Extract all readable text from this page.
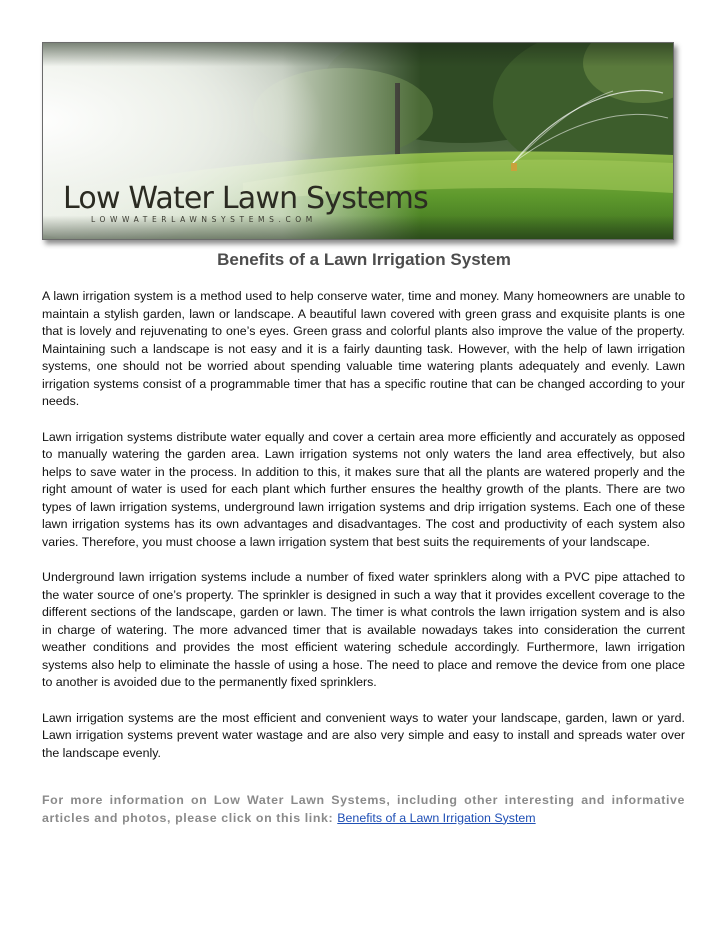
Low Water Lawn Systems
LOWWATERLAWNSYSTEMS.COM
Benefits of a Lawn Irrigation System

A lawn irrigation system is a method used to help conserve water, time and money. Many homeowners are unable to maintain a stylish garden, lawn or landscape. A beautiful lawn covered with green grass and exquisite plants is one that is lovely and rejuvenating to one’s eyes. Green grass and colorful plants also improve the value of the property. Maintaining such a landscape is not easy and it is a fairly daunting task. However, with the help of lawn irrigation systems, one should not be worried about spending valuable time watering plants adequately and evenly. Lawn irrigation systems consist of a programmable timer that has a specific routine that can be changed according to your needs.

Lawn irrigation systems distribute water equally and cover a certain area more efficiently and accurately as opposed to manually watering the garden area. Lawn irrigation systems not only waters the land area effectively, but also helps to save water in the process. In addition to this, it makes sure that all the plants are watered properly and the right amount of water is used for each plant which further ensures the healthy growth of the plants. There are two types of lawn irrigation systems, underground lawn irrigation systems and drip irrigation systems. Each one of these lawn irrigation systems has its own advantages and disadvantages. The cost and productivity of each system also varies. Therefore, you must choose a lawn irrigation system that best suits the requirements of your landscape.

Underground lawn irrigation systems include a number of fixed water sprinklers along with a PVC pipe attached to the water source of one’s property. The sprinkler is designed in such a way that it provides excellent coverage to the different sections of the landscape, garden or lawn. The timer is what controls the lawn irrigation system and is also in charge of watering. The more advanced timer that is available nowadays takes into consideration the current weather conditions and provides the most efficient watering schedule accordingly. Furthermore, lawn irrigation systems also help to eliminate the hassle of using a hose. The need to place and remove the device from one place to another is avoided due to the permanently fixed sprinklers.

Lawn irrigation systems are the most efficient and convenient ways to water your landscape, garden, lawn or yard. Lawn irrigation systems prevent water wastage and are also very simple and easy to install and spreads water over the landscape evenly.

For more information on Low Water Lawn Systems, including other interesting and informative articles and photos, please click on this link: Benefits of a Lawn Irrigation System
